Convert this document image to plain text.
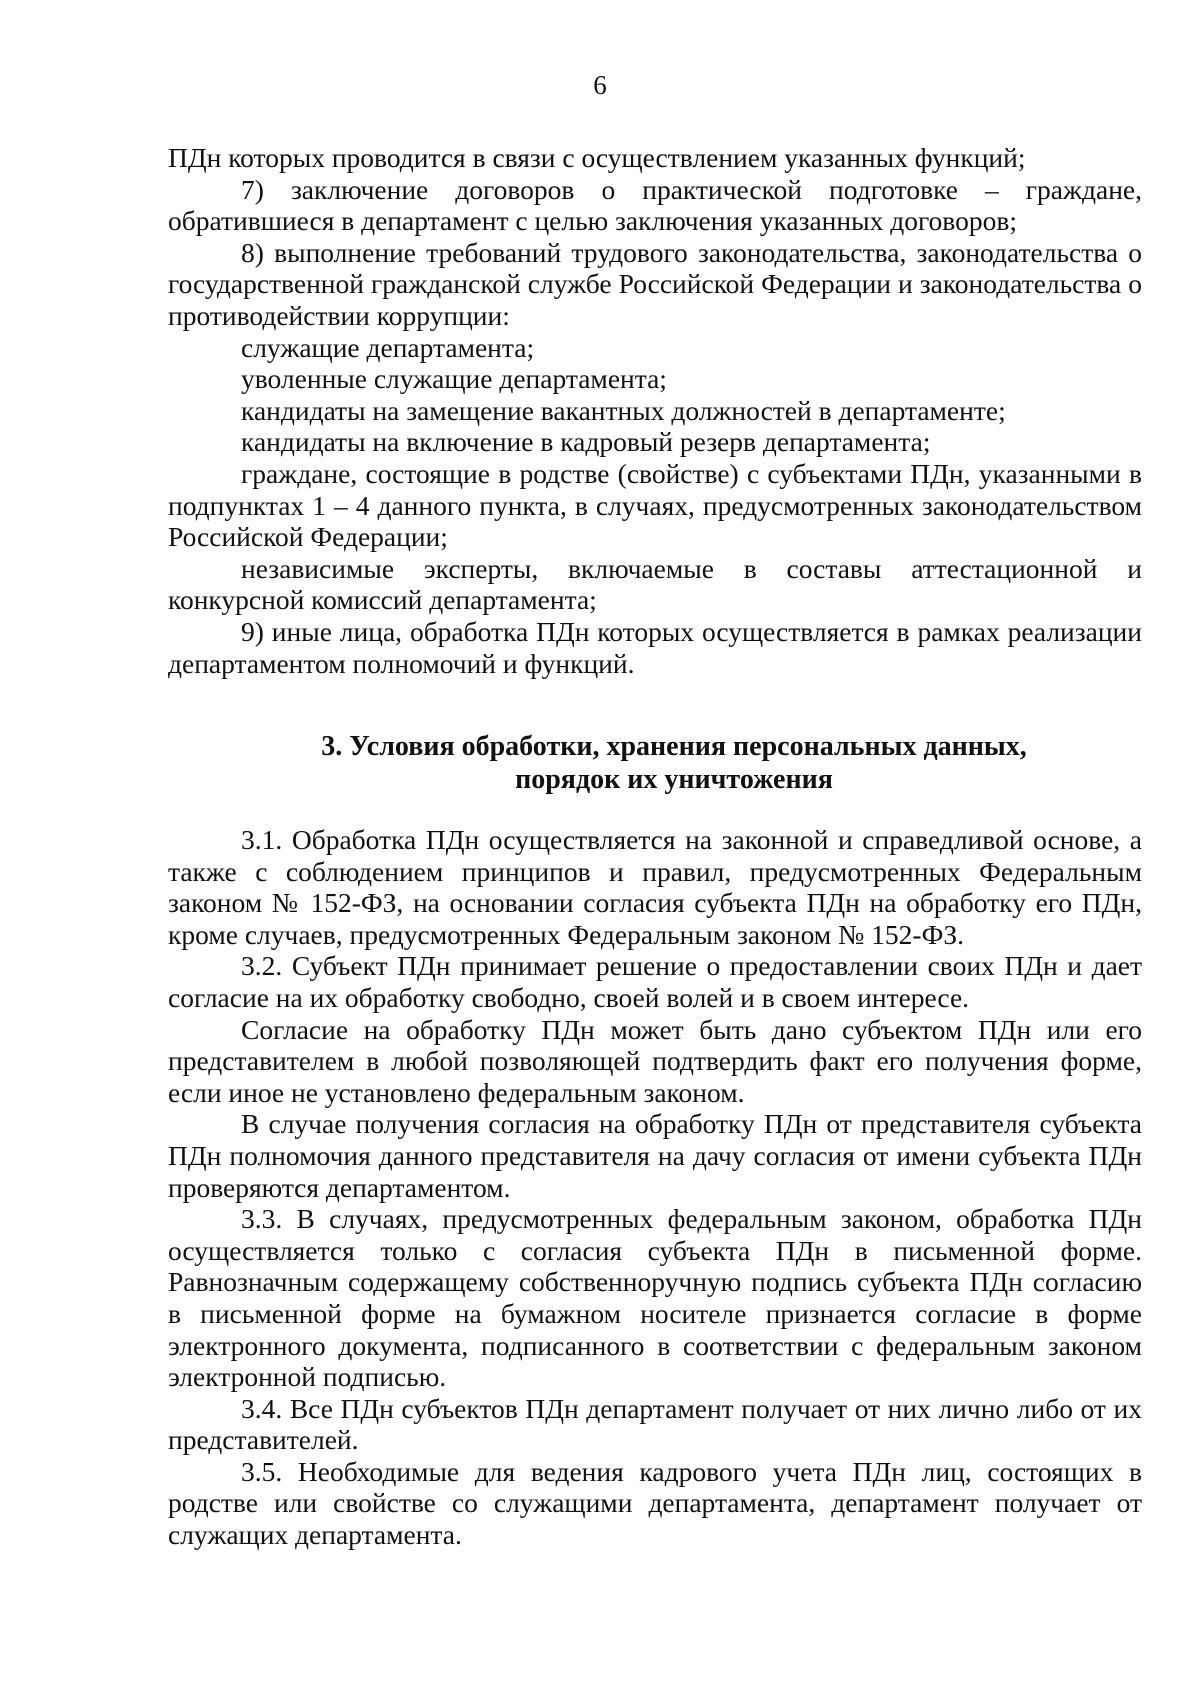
6

ПДн которых проводится в связи с осуществлением указанных функций;

7) заключение договоров о практической подготовке – граждане, обратившиеся в департамент с целью заключения указанных договоров;

8) выполнение требований трудового законодательства, законодательства о государственной гражданской службе Российской Федерации и законодательства о противодействии коррупции:

служащие департамента;

уволенные служащие департамента;

кандидаты на замещение вакантных должностей в департаменте;

кандидаты на включение в кадровый резерв департамента;

граждане, состоящие в родстве (свойстве) с субъектами ПДн, указанными в подпунктах 1 – 4 данного пункта, в случаях, предусмотренных законодательством Российской Федерации;

независимые эксперты, включаемые в составы аттестационной и конкурсной комиссий департамента;

9) иные лица, обработка ПДн которых осуществляется в рамках реализации департаментом полномочий и функций.

3. Условия обработки, хранения персональных данных,
порядок их уничтожения

3.1. Обработка ПДн осуществляется на законной и справедливой основе, а также с соблюдением принципов и правил, предусмотренных Федеральным законом № 152-ФЗ, на основании согласия субъекта ПДн на обработку его ПДн, кроме случаев, предусмотренных Федеральным законом № 152-ФЗ.

3.2. Субъект ПДн принимает решение о предоставлении своих ПДн и дает согласие на их обработку свободно, своей волей и в своем интересе.

Согласие на обработку ПДн может быть дано субъектом ПДн или его представителем в любой позволяющей подтвердить факт его получения форме, если иное не установлено федеральным законом.

В случае получения согласия на обработку ПДн от представителя субъекта ПДн полномочия данного представителя на дачу согласия от имени субъекта ПДн проверяются департаментом.

3.3. В случаях, предусмотренных федеральным законом, обработка ПДн осуществляется только с согласия субъекта ПДн в письменной форме. Равнозначным содержащему собственноручную подпись субъекта ПДн согласию в письменной форме на бумажном носителе признается согласие в форме электронного документа, подписанного в соответствии с федеральным законом электронной подписью.

3.4. Все ПДн субъектов ПДн департамент получает от них лично либо от их представителей.

3.5. Необходимые для ведения кадрового учета ПДн лиц, состоящих в родстве или свойстве со служащими департамента, департамент получает от служащих департамента.
